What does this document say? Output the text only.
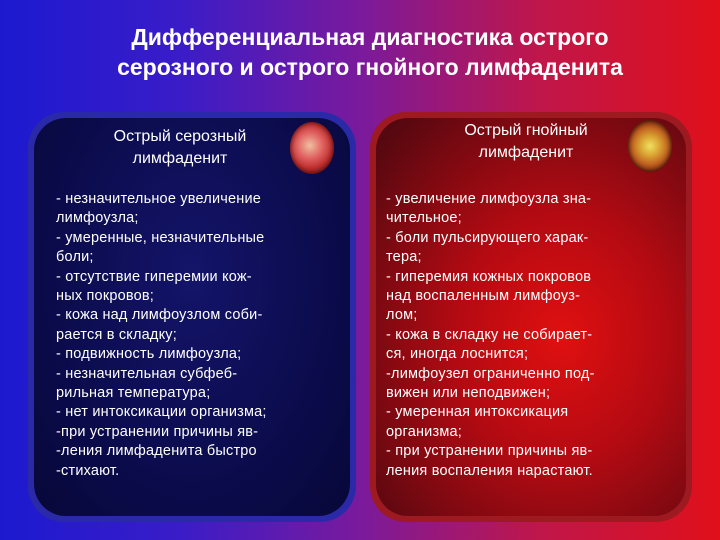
Дифференциальная диагностика острого
серозного и острого гнойного лимфаденита
Острый серозный
лимфаденит
- незначительное увеличение
лимфоузла;
- умеренные, незначительные
боли;
- отсутствие гиперемии кож-
ных покровов;
- кожа над лимфоузлом соби-
рается в складку;
- подвижность лимфоузла;
- незначительная субфеб-
рильная температура;
- нет интоксикации организма;
-при устранении причины яв-
-ления лимфаденита быстро
-стихают.
Острый гнойный
лимфаденит
- увеличение лимфоузла зна-
чительное;
- боли пульсирующего харак-
тера;
- гиперемия кожных покровов
над воспаленным лимфоуз-
лом;
- кожа в складку не собирает-
ся, иногда лоснится;
-лимфоузел ограниченно под-
вижен или неподвижен;
- умеренная интоксикация
организма;
- при устранении причины яв-
ления воспаления нарастают.
